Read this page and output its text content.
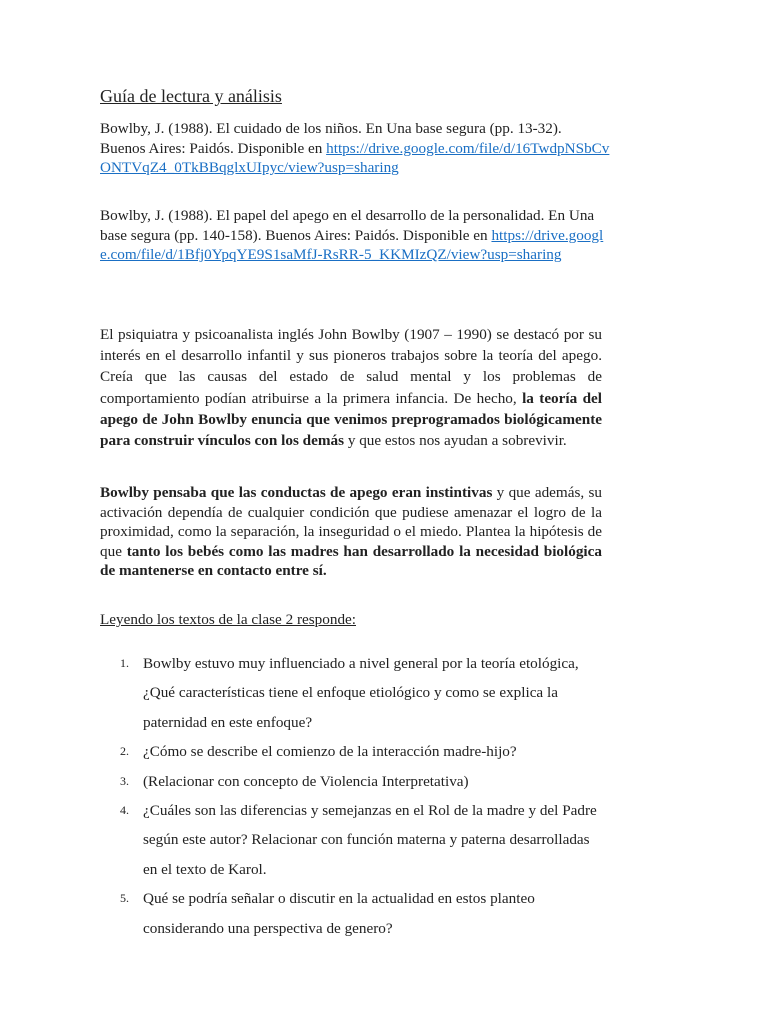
Guía de lectura y análisis
Bowlby, J. (1988). El cuidado de los niños. En Una base segura (pp. 13-32). Buenos Aires: Paidós. Disponible en https://drive.google.com/file/d/16TwdpNSbCvONTVqZ4_0TkBBqglxUIpyc/view?usp=sharing
Bowlby, J. (1988). El papel del apego en el desarrollo de la personalidad. En Una base segura (pp. 140-158). Buenos Aires: Paidós. Disponible en https://drive.google.com/file/d/1Bfj0YpqYE9S1saMfJ-RsRR-5_KKMIzQZ/view?usp=sharing
El psiquiatra y psicoanalista inglés John Bowlby (1907 – 1990) se destacó por su interés en el desarrollo infantil y sus pioneros trabajos sobre la teoría del apego. Creía que las causas del estado de salud mental y los problemas de comportamiento podían atribuirse a la primera infancia. De hecho, la teoría del apego de John Bowlby enuncia que venimos preprogramados biológicamente para construir vínculos con los demás y que estos nos ayudan a sobrevivir.
Bowlby pensaba que las conductas de apego eran instintivas y que además, su activación dependía de cualquier condición que pudiese amenazar el logro de la proximidad, como la separación, la inseguridad o el miedo. Plantea la hipótesis de que tanto los bebés como las madres han desarrollado la necesidad biológica de mantenerse en contacto entre sí.
Leyendo los textos de la clase 2 responde:
1. Bowlby estuvo muy influenciado a nivel general por la teoría etológica, ¿Qué características tiene el enfoque etiológico y como se explica la paternidad en este enfoque?
2. ¿Cómo se describe el comienzo de la interacción madre-hijo?
3. (Relacionar con concepto de Violencia Interpretativa)
4. ¿Cuáles son las diferencias y semejanzas en el Rol de la madre y del Padre según este autor? Relacionar con función materna y paterna desarrolladas en el texto de Karol.
5. Qué se podría señalar o discutir en la actualidad en estos planteo considerando una perspectiva de genero?
